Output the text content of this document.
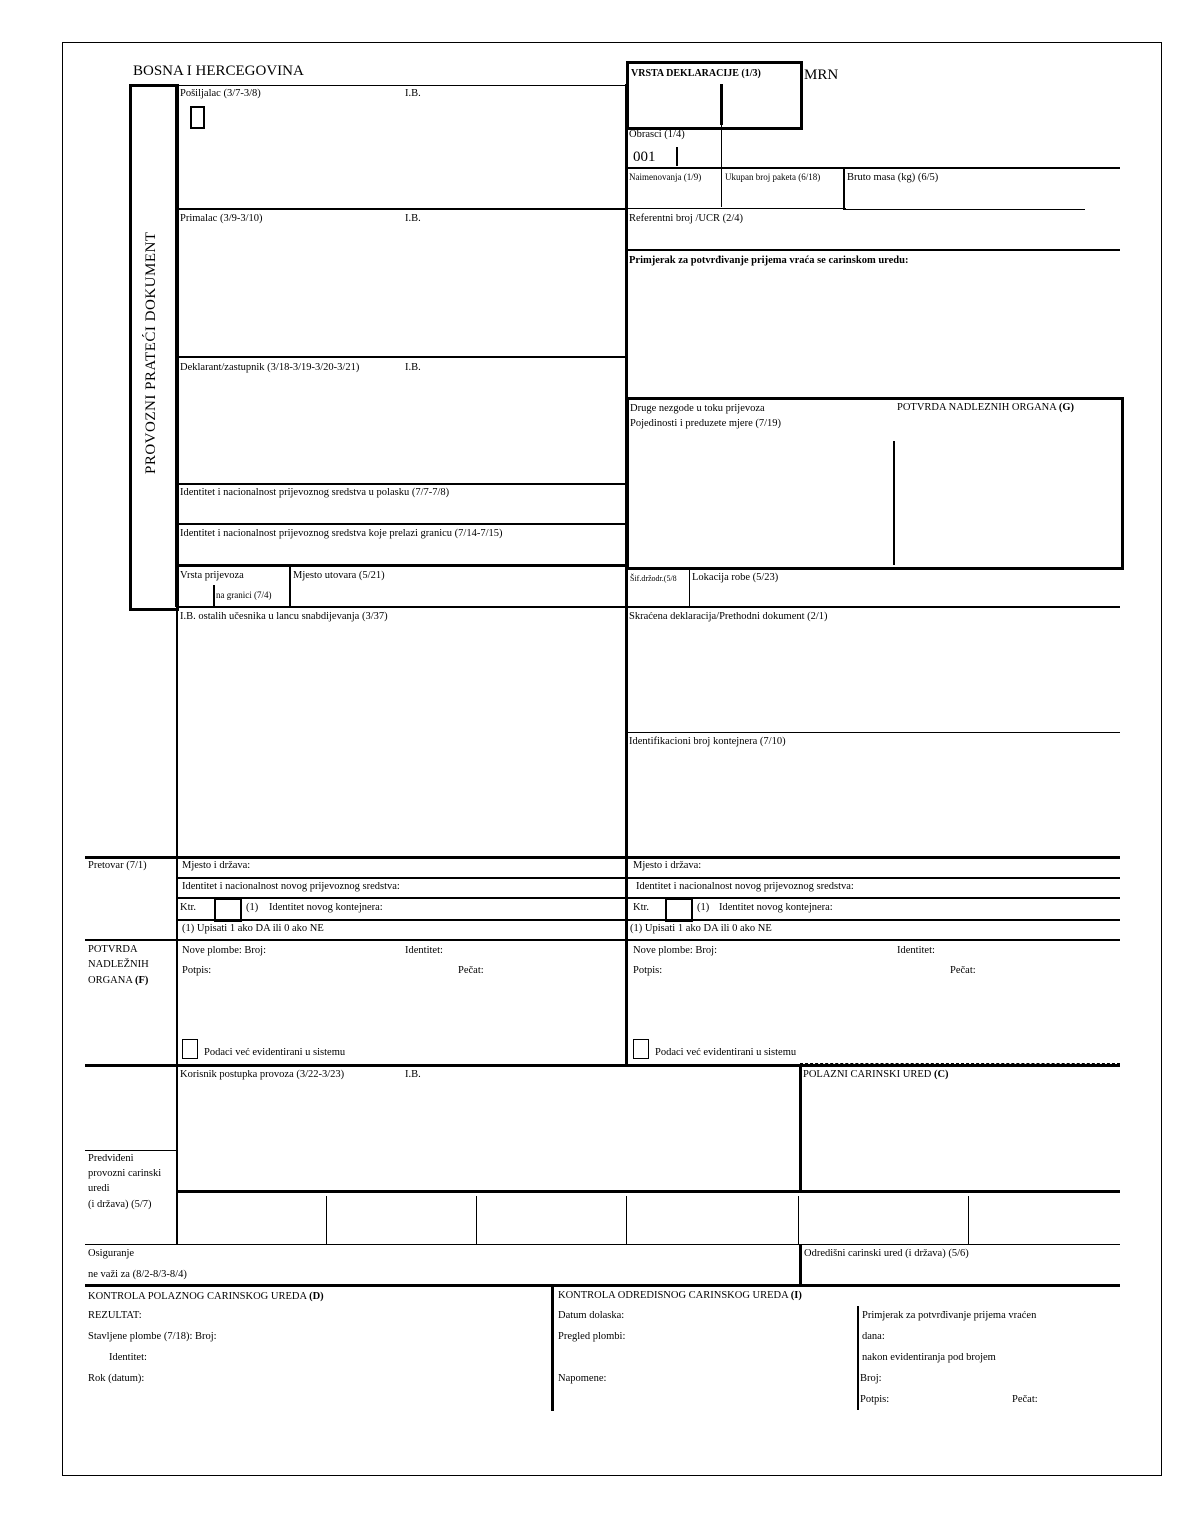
BOSNA I HERCEGOVINA	VRSTA DEKLARACIJE (1/3)	MRN
PROVOZNI PRATEĆI DOKUMENT
Pošiljalac (3/7-3/8)	I.B.
Primalac (3/9-3/10)	I.B.
Deklarant/zastupnik (3/18-3/19-3/20-3/21)	I.B.
Identitet i nacionalnost prijevoznog sredstva u polasku (7/7-7/8)
Identitet i nacionalnost prijevoznog sredstva koje prelazi granicu (7/14-7/15)
Vrsta prijevoza
na granici (7/4)
Mjesto utovara (5/21)
I.B. ostalih učesnika u lancu snabdijevanja (3/37)
Obrasci (1/4)
001
Naimenovanja (1/9)	Ukupan broj paketa (6/18)	Bruto masa (kg) (6/5)
Referentni broj /UCR (2/4)
Primjerak za potvrđivanje prijema vraća se carinskom uredu:
Druge nezgode u toku prijevoza
Pojedinosti i preduzete mjere (7/19)
POTVRDA NADLEZNIH ORGANA (G)
Šif.držodr.(5/8 Lokacija robe (5/23)
Skraćena deklaracija/Prethodni dokument (2/1)
Identifikacioni broj kontejnera (7/10)
Pretovar (7/1)	Mjesto i država:	Mjesto i država:
Identitet i nacionalnost novog prijevoznog sredstva:	Identitet i nacionalnost novog prijevoznog sredstva:
Ktr.	(1) Identitet novog kontejnera:	Ktr.	(1) Identitet novog kontejnera:
(1) Upisati 1 ako DA ili 0 ako NE	(1) Upisati 1 ako DA ili 0 ako NE
POTVRDA
NADLEŽNIH
ORGANA (F)
Nove plombe: Broj:	Identitet:
Potpis:	Pečat:
Podaci već evidentirani u sistemu
Nove plombe: Broj:	Identitet:
Potpis:	Pečat:
Podaci već evidentirani u sistemu
Korisnik postupka provoza (3/22-3/23)	I.B.	POLAZNI CARINSKI URED (C)
Predviđeni
provozni carinski
uredi
(i država) (5/7)
Osiguranje
ne važi za (8/2-8/3-8/4)
Odredišni carinski ured (i država) (5/6)
KONTROLA POLAZNOG CARINSKOG UREDA (D)
REZULTAT:
Stavljene plombe (7/18): Broj:
Identitet:
Rok (datum):
KONTROLA ODREDISNOG CARINSKOG UREDA (I)
Datum dolaska:
Pregled plombi:
Napomene:
Primjerak za potvrđivanje prijema vraćen
dana:
nakon evidentiranja pod brojem
Broj:
Potpis:	Pečat:
